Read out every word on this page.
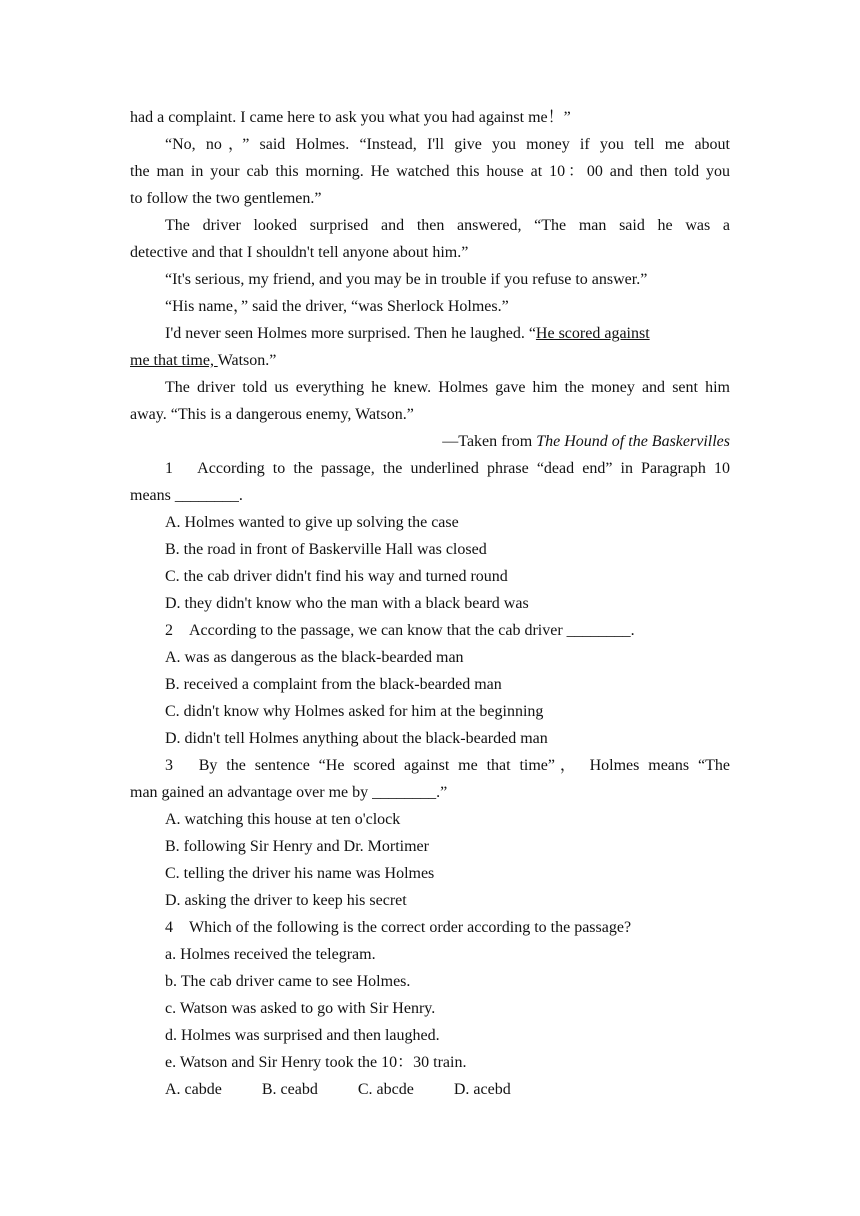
had a complaint. I came here to ask you what you had against me！”
“No, no，” said Holmes. “Instead, I'll give you money if you tell me about
the man in your cab this morning. He watched this house at 10：00 and then told you
to follow the two gentlemen.”
The driver looked surprised and then answered, “The man said he was a
detective and that I shouldn't tell anyone about him.”
“It's serious, my friend, and you may be in trouble if you refuse to answer.”
“His name，” said the driver, “was Sherlock Holmes.”
I'd never seen Holmes more surprised. Then he laughed. “He scored against
me that time, Watson.”
The driver told us everything he knew. Holmes gave him the money and sent him
away. “This is a dangerous enemy, Watson.”
—Taken from The Hound of the Baskervilles
1　According to the passage, the underlined phrase “dead end” in Paragraph 10
means ________.
A. Holmes wanted to give up solving the case
B. the road in front of Baskerville Hall was closed
C. the cab driver didn't find his way and turned round
D. they didn't know who the man with a black beard was
2　According to the passage, we can know that the cab driver ________.
A. was as dangerous as the black-bearded man
B. received a complaint from the black-bearded man
C. didn't know why Holmes asked for him at the beginning
D. didn't tell Holmes anything about the black-bearded man
3　By the sentence “He scored against me that time”， Holmes means “The
man gained an advantage over me by ________.”
A. watching this house at ten o'clock
B. following Sir Henry and Dr. Mortimer
C. telling the driver his name was Holmes
D. asking the driver to keep his secret
4　Which of the following is the correct order according to the passage?
a. Holmes received the telegram.
b. The cab driver came to see Holmes.
c. Watson was asked to go with Sir Henry.
d. Holmes was surprised and then laughed.
e. Watson and Sir Henry took the 10：30 train.
A. cabde	B. ceabd	C. abcde	D. acebd
